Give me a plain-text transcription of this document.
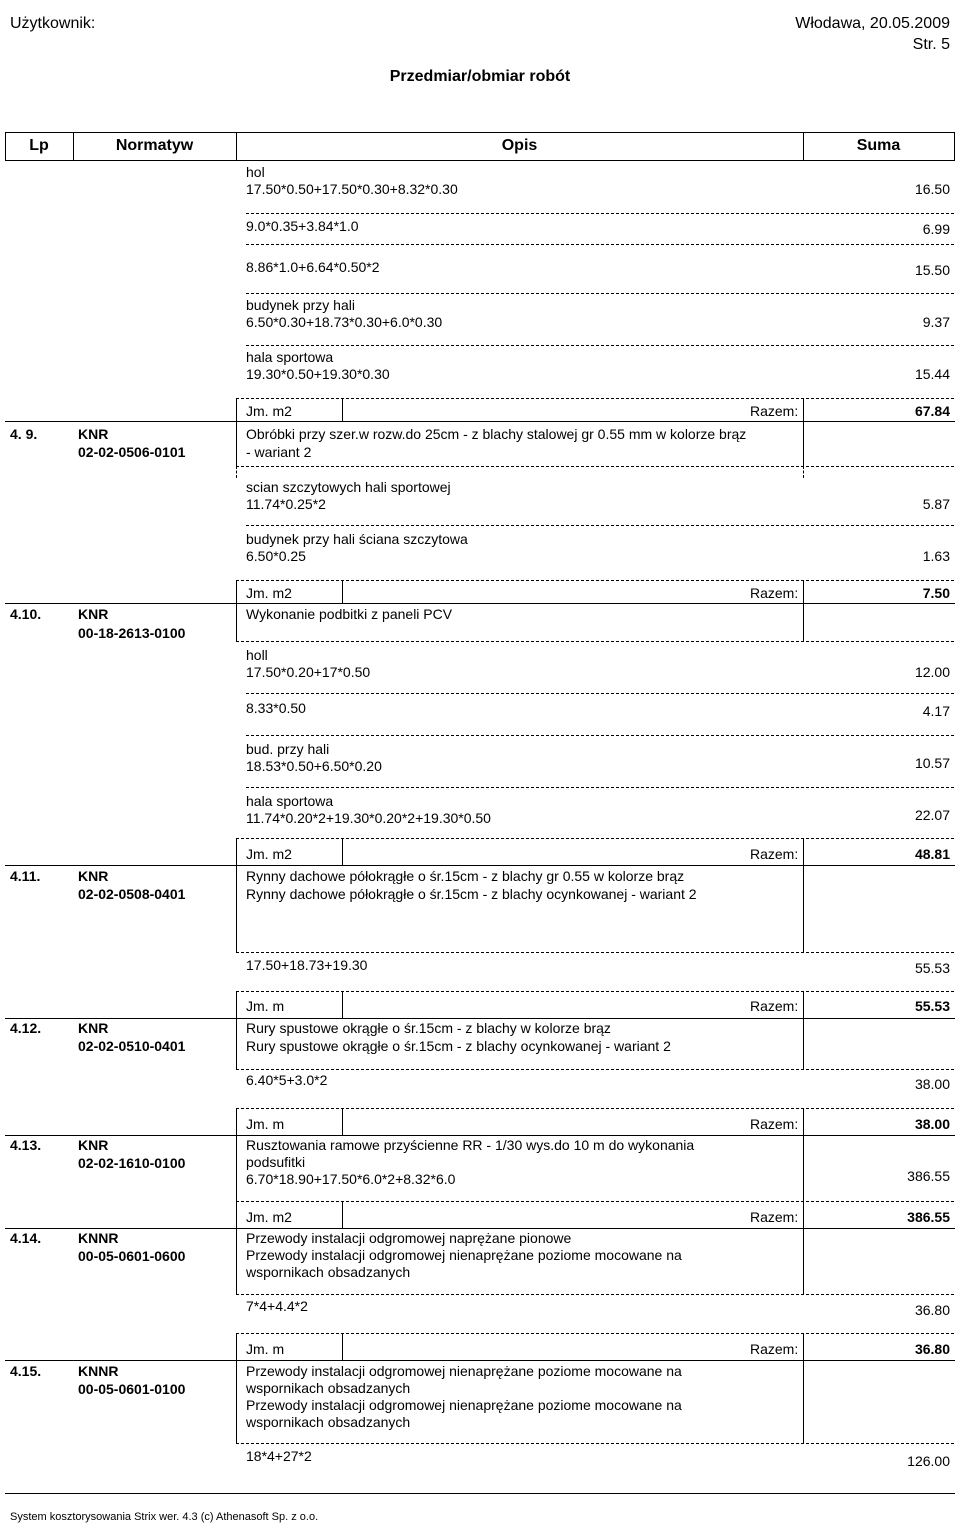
Użytkownik:	Włodawa, 20.05.2009
Str. 5
Przedmiar/obmiar robót
Lp	Normatyw	Opis	Suma
hol
17.50*0.50+17.50*0.30+8.32*0.30	16.50
9.0*0.35+3.84*1.0	6.99
8.86*1.0+6.64*0.50*2	15.50
budynek przy hali
6.50*0.30+18.73*0.30+6.0*0.30	9.37
hala sportowa
19.30*0.50+19.30*0.30	15.44
Jm. m2	Razem:	67.84
4. 9.	KNR
02-02-0506-0101
Obróbki przy szer.w rozw.do 25cm - z blachy stalowej gr 0.55 mm w kolorze brąz
- wariant 2
scian szczytowych hali sportowej
11.74*0.25*2	5.87
budynek przy hali ściana szczytowa
6.50*0.25	1.63
Jm. m2	Razem:	7.50
4.10.	KNR
00-18-2613-0100
Wykonanie podbitki z paneli PCV
holl
17.50*0.20+17*0.50	12.00
8.33*0.50	4.17
bud. przy hali
18.53*0.50+6.50*0.20	10.57
hala sportowa
11.74*0.20*2+19.30*0.20*2+19.30*0.50	22.07
Jm. m2	Razem:	48.81
4.11.	KNR
02-02-0508-0401
Rynny dachowe półokrągłe o śr.15cm - z blachy gr 0.55 w kolorze brąz
Rynny dachowe półokrągłe o śr.15cm - z blachy ocynkowanej - wariant 2
17.50+18.73+19.30	55.53
Jm. m	Razem:	55.53
4.12.	KNR
02-02-0510-0401
Rury spustowe okrągłe o śr.15cm - z blachy w kolorze brąz
Rury spustowe okrągłe o śr.15cm - z blachy ocynkowanej - wariant 2
6.40*5+3.0*2	38.00
Jm. m	Razem:	38.00
4.13.	KNR
02-02-1610-0100
Rusztowania ramowe przyścienne RR - 1/30 wys.do 10 m do wykonania
podsufitki
6.70*18.90+17.50*6.0*2+8.32*6.0	386.55
Jm. m2	Razem:	386.55
4.14.	KNNR
00-05-0601-0600
Przewody instalacji odgromowej naprężane pionowe
Przewody instalacji odgromowej nienaprężane poziome mocowane na
wspornikach obsadzanych
7*4+4.4*2	36.80
Jm. m	Razem:	36.80
4.15.	KNNR
00-05-0601-0100
Przewody instalacji odgromowej nienaprężane poziome mocowane na
wspornikach obsadzanych
Przewody instalacji odgromowej nienaprężane poziome mocowane na
wspornikach obsadzanych
18*4+27*2	126.00
System kosztorysowania Strix wer. 4.3 (c) Athenasoft Sp. z o.o.
